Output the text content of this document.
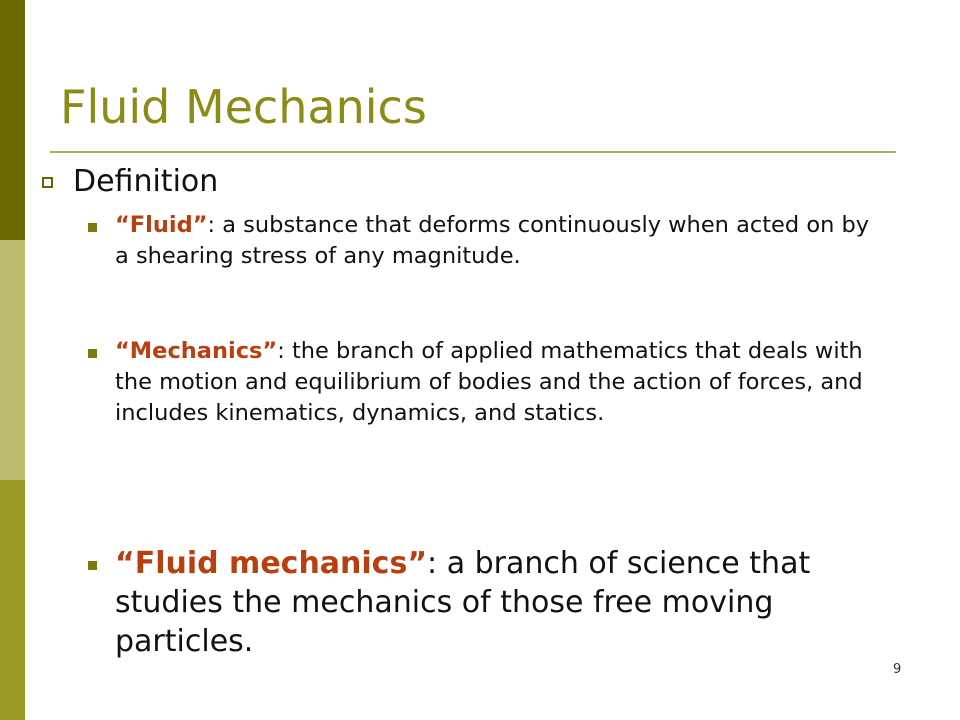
Fluid Mechanics
Definition
“Fluid”: a substance that deforms continuously when acted on by a shearing stress of any magnitude.
“Mechanics”: the branch of applied mathematics that deals with the motion and equilibrium of bodies and the action of forces, and includes kinematics, dynamics, and statics.
“Fluid mechanics”: a branch of science that studies the mechanics of those free moving particles.
9
